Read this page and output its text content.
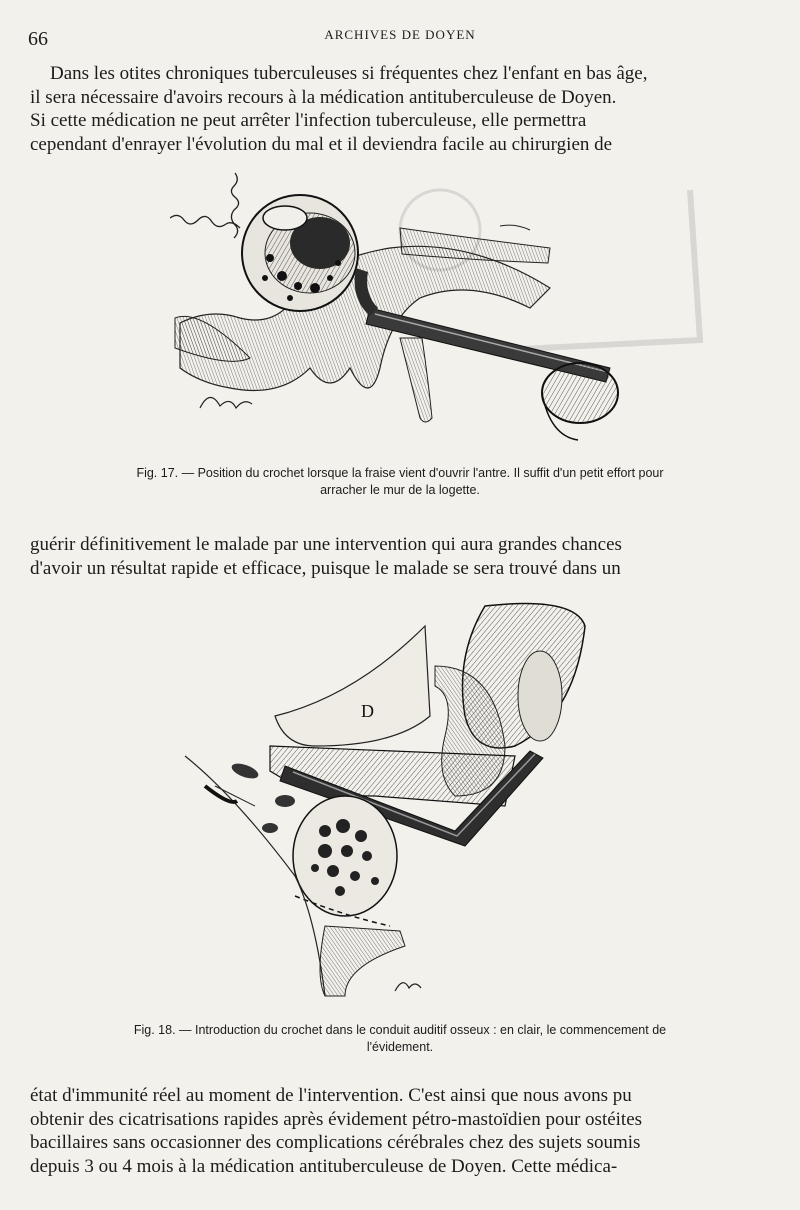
66	ARCHIVES DE DOYEN
Dans les otites chroniques tuberculeuses si fréquentes chez l'enfant en bas âge,
il sera nécessaire d'avoirs recours à la médication antituberculeuse de Doyen.
Si cette médication ne peut arrêter l'infection tuberculeuse, elle permettra
cependant d'enrayer l'évolution du mal et il deviendra facile au chirurgien de
Fig. 17. — Position du crochet lorsque la fraise vient d'ouvrir l'antre. Il suffit d'un petit effort pour
arracher le mur de la logette.
guérir définitivement le malade par une intervention qui aura grandes chances
d'avoir un résultat rapide et efficace, puisque le malade se sera trouvé dans un
D
Fig. 18. — Introduction du crochet dans le conduit auditif osseux : en clair, le commencement de
l'évidement.
état d'immunité réel au moment de l'intervention. C'est ainsi que nous avons pu
obtenir des cicatrisations rapides après évidement pétro-mastoïdien pour ostéites
bacillaires sans occasionner des complications cérébrales chez des sujets soumis
depuis 3 ou 4 mois à la médication antituberculeuse de Doyen. Cette médica-
